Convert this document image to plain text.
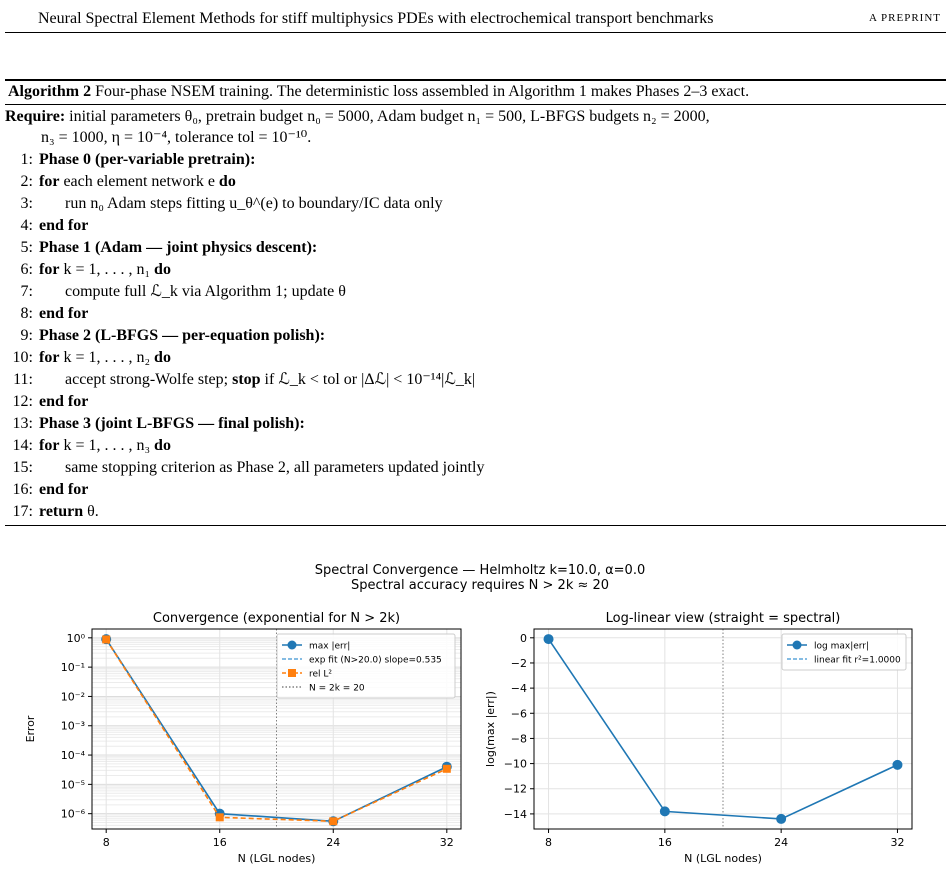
Neural Spectral Element Methods for stiff multiphysics PDEs with electrochemical transport benchmarks	A PREPRINT
Algorithm 2 Four-phase NSEM training. The deterministic loss assembled in Algorithm 1 makes Phases 2–3 exact.
Require: initial parameters θ₀, pretrain budget n₀ = 5000, Adam budget n₁ = 500, L-BFGS budgets n₂ = 2000,
n₃ = 1000, η = 10⁻⁴, tolerance tol = 10⁻¹⁰.
1: Phase 0 (per-variable pretrain):
2: for each element network e do
3: run n₀ Adam steps fitting u_θ^(e) to boundary/IC data only
4: end for
5: Phase 1 (Adam — joint physics descent):
6: for k = 1, . . . , n₁ do
7: compute full ℒ_k via Algorithm 1; update θ
8: end for
9: Phase 2 (L-BFGS — per-equation polish):
10: for k = 1, . . . , n₂ do
11: accept strong-Wolfe step; stop if ℒ_k < tol or |Δℒ| < 10⁻¹⁴|ℒ_k|
12: end for
13: Phase 3 (joint L-BFGS — final polish):
14: for k = 1, . . . , n₃ do
15: same stopping criterion as Phase 2, all parameters updated jointly
16: end for
17: return θ.
Spectral Convergence — Helmholtz k=10.0, α=0.0
Spectral accuracy requires N > 2k ≈ 20
Convergence (exponential for N > 2k)
8	16	24	32
N (LGL nodes)
10⁰
10⁻¹
10⁻²
10⁻³
10⁻⁴
10⁻⁵
10⁻⁶
Error
max |err|
exp fit (N>20.0) slope=0.535
rel L²
N = 2k = 20
Log-linear view (straight = spectral)
8	16	24	32
N (LGL nodes)
0
−2
−4
−6
−8
−10
−12
−14
log(max |err|)
log max|err|
linear fit r²=1.0000
